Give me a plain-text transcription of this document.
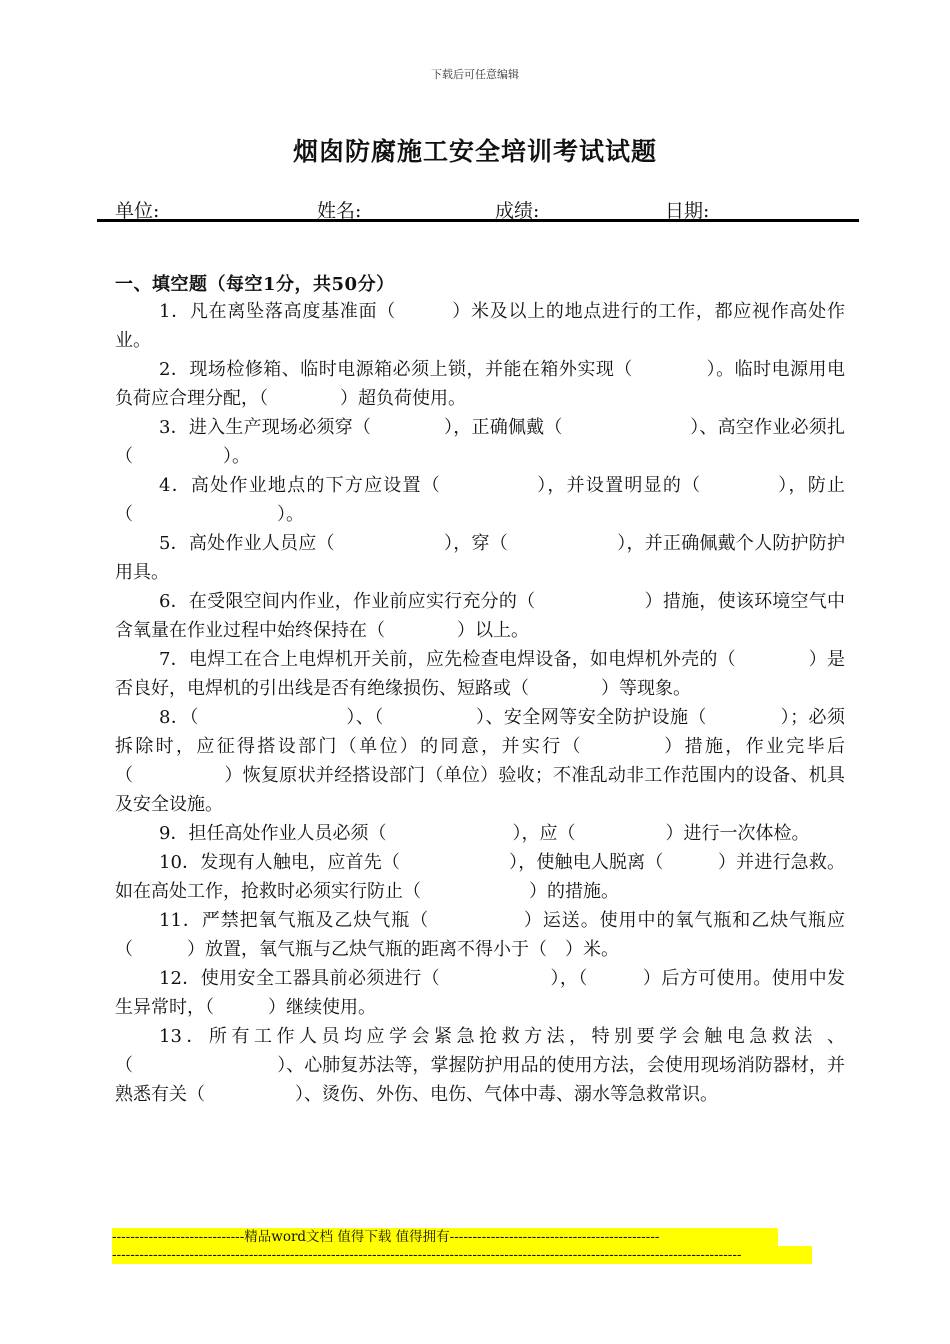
下载后可任意编辑
烟囱防腐施工安全培训考试试题
单位:	姓名:	成绩:	日期:
一、填空题（每空1分，共50分）

1．凡在离坠落高度基准面（　　　）米及以上的地点进行的工作，都应视作高处作业。

2．现场检修箱、临时电源箱必须上锁，并能在箱外实现（　　　　）。临时电源用电负荷应合理分配，（　　　　）超负荷使用。

3．进入生产现场必须穿（　　　　），正确佩戴（　　　　　　　）、高空作业必须扎（　　　　　）。

4．高处作业地点的下方应设置（　　　　　），并设置明显的（　　　　），防止（　　　　　　　　）。

5．高处作业人员应（　　　　　　），穿（　　　　　　），并正确佩戴个人防护防护用具。

6．在受限空间内作业，作业前应实行充分的（　　　　　　）措施，使该环境空气中含氧量在作业过程中始终保持在（　　　　）以上。

7．电焊工在合上电焊机开关前，应先检查电焊设备，如电焊机外壳的（　　　　）是否良好，电焊机的引出线是否有绝缘损伤、短路或（　　　　）等现象。

8．（　　　　　　　　）、（　　　　　）、安全网等安全防护设施（　　　　）；必须拆除时，应征得搭设部门（单位）的同意，并实行（　　　　）措施，作业完毕后（　　　　　）恢复原状并经搭设部门（单位）验收；不准乱动非工作范围内的设备、机具及安全设施。

9．担任高处作业人员必须（　　　　　　　），应（　　　　　）进行一次体检。

10．发现有人触电，应首先（　　　　　　），使触电人脱离（　　　）并进行急救。如在高处工作，抢救时必须实行防止（　　　　　　）的措施。

11．严禁把氧气瓶及乙炔气瓶（　　　　　）运送。使用中的氧气瓶和乙炔气瓶应（　　　）放置，氧气瓶与乙炔气瓶的距离不得小于（　）米。

12．使用安全工器具前必须进行（　　　　　　），（　　　）后方可使用。使用中发生异常时，（　　　）继续使用。

13．所有工作人员均应学会紧急抢救方法，特别要学会触电急救法 、（　　　　　　　　）、心肺复苏法等，掌握防护用品的使用方法，会使用现场消防器材，并熟悉有关（　　　　　）、烫伤、外伤、电伤、气体中毒、溺水等急救常识。

-----------------------------精品word文档 值得下载 值得拥有----------------------------------------------
------------------------------------------------------------------------------------------------------------------------------------------
